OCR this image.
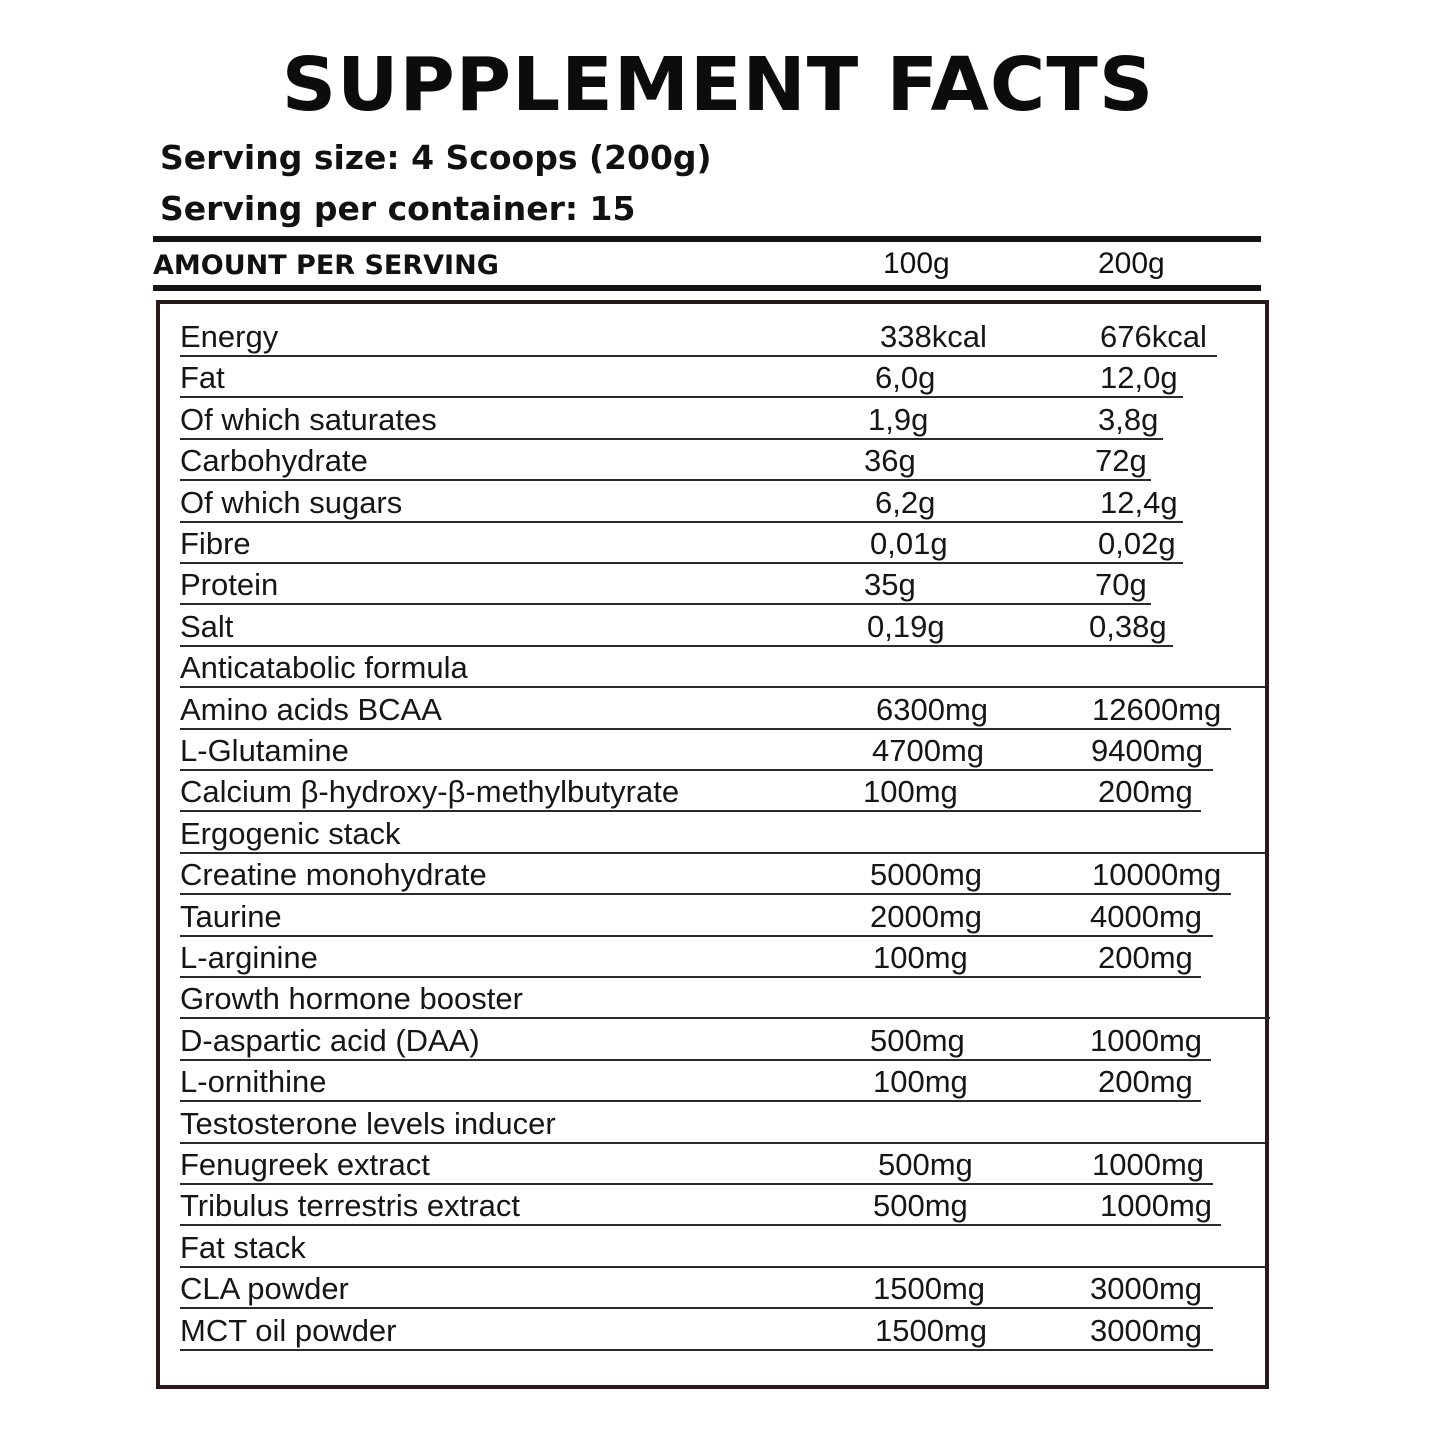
SUPPLEMENT FACTS
Serving size: 4 Scoops (200g)
Serving per container: 15
AMOUNT PER SERVING	100g	200g
Energy	338kcal	676kcal
Fat	6,0g	12,0g
Of which saturates	1,9g	3,8g
Carbohydrate	36g	72g
Of which sugars	6,2g	12,4g
Fibre	0,01g	0,02g
Protein	35g	70g
Salt	0,19g	0,38g
Anticatabolic formula
Amino acids BCAA	6300mg	12600mg
L-Glutamine	4700mg	9400mg
Calcium β-hydroxy-β-methylbutyrate	100mg	200mg
Ergogenic stack
Creatine monohydrate	5000mg	10000mg
Taurine	2000mg	4000mg
L-arginine	100mg	200mg
Growth hormone booster
D-aspartic acid (DAA)	500mg	1000mg
L-ornithine	100mg	200mg
Testosterone levels inducer
Fenugreek extract	500mg	1000mg
Tribulus terrestris extract	500mg	1000mg
Fat stack
CLA powder	1500mg	3000mg
MCT oil powder	1500mg	3000mg
